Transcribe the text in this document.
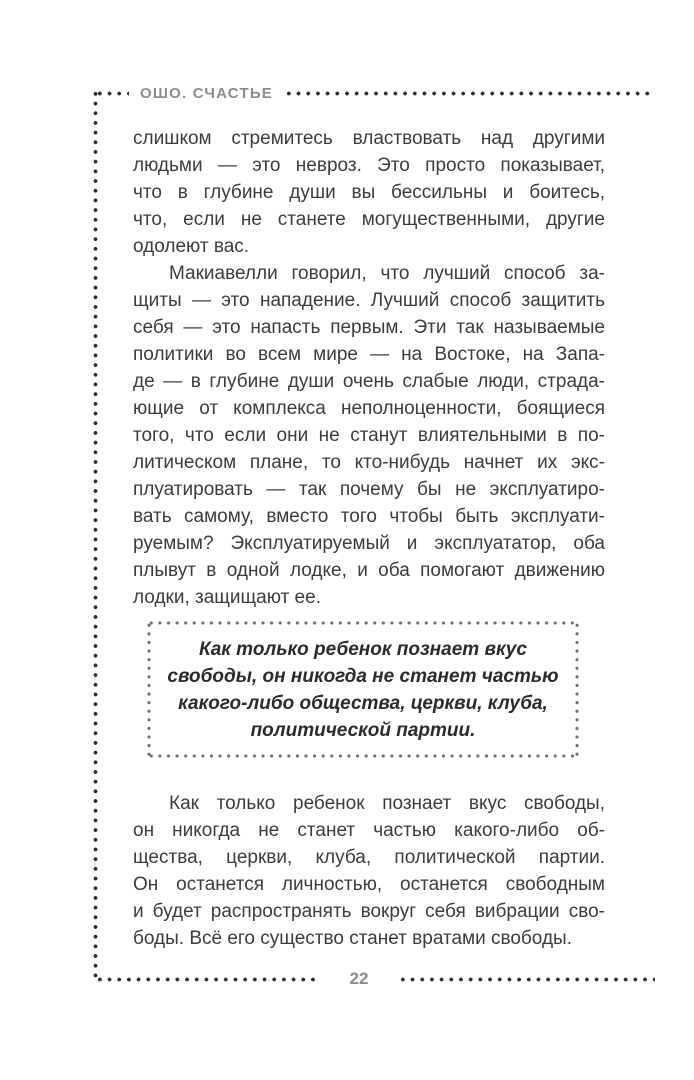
ОШО. СЧАСТЬЕ
слишком стремитесь властвовать над другими
людьми — это невроз. Это просто показывает,
что в глубине души вы бессильны и боитесь,
что, если не станете могущественными, другие
одолеют вас.
Макиавелли говорил, что лучший способ за-
щиты — это нападение. Лучший способ защитить
себя — это напасть первым. Эти так называемые
политики во всем мире — на Востоке, на Запа-
де — в глубине души очень слабые люди, страда-
ющие от комплекса неполноценности, боящиеся
того, что если они не станут влиятельными в по-
литическом плане, то кто-нибудь начнет их экс-
плуатировать — так почему бы не эксплуатиро-
вать самому, вместо того чтобы быть эксплуати-
руемым? Эксплуатируемый и эксплуататор, оба
плывут в одной лодке, и оба помогают движению
лодки, защищают ее.
Как только ребенок познает вкус
свободы, он никогда не станет частью
какого-либо общества, церкви, клуба,
политической партии.
Как только ребенок познает вкус свободы,
он никогда не станет частью какого-либо об-
щества, церкви, клуба, политической партии.
Он останется личностью, останется свободным
и будет распространять вокруг себя вибрации сво-
боды. Всё его существо станет вратами свободы.
22
